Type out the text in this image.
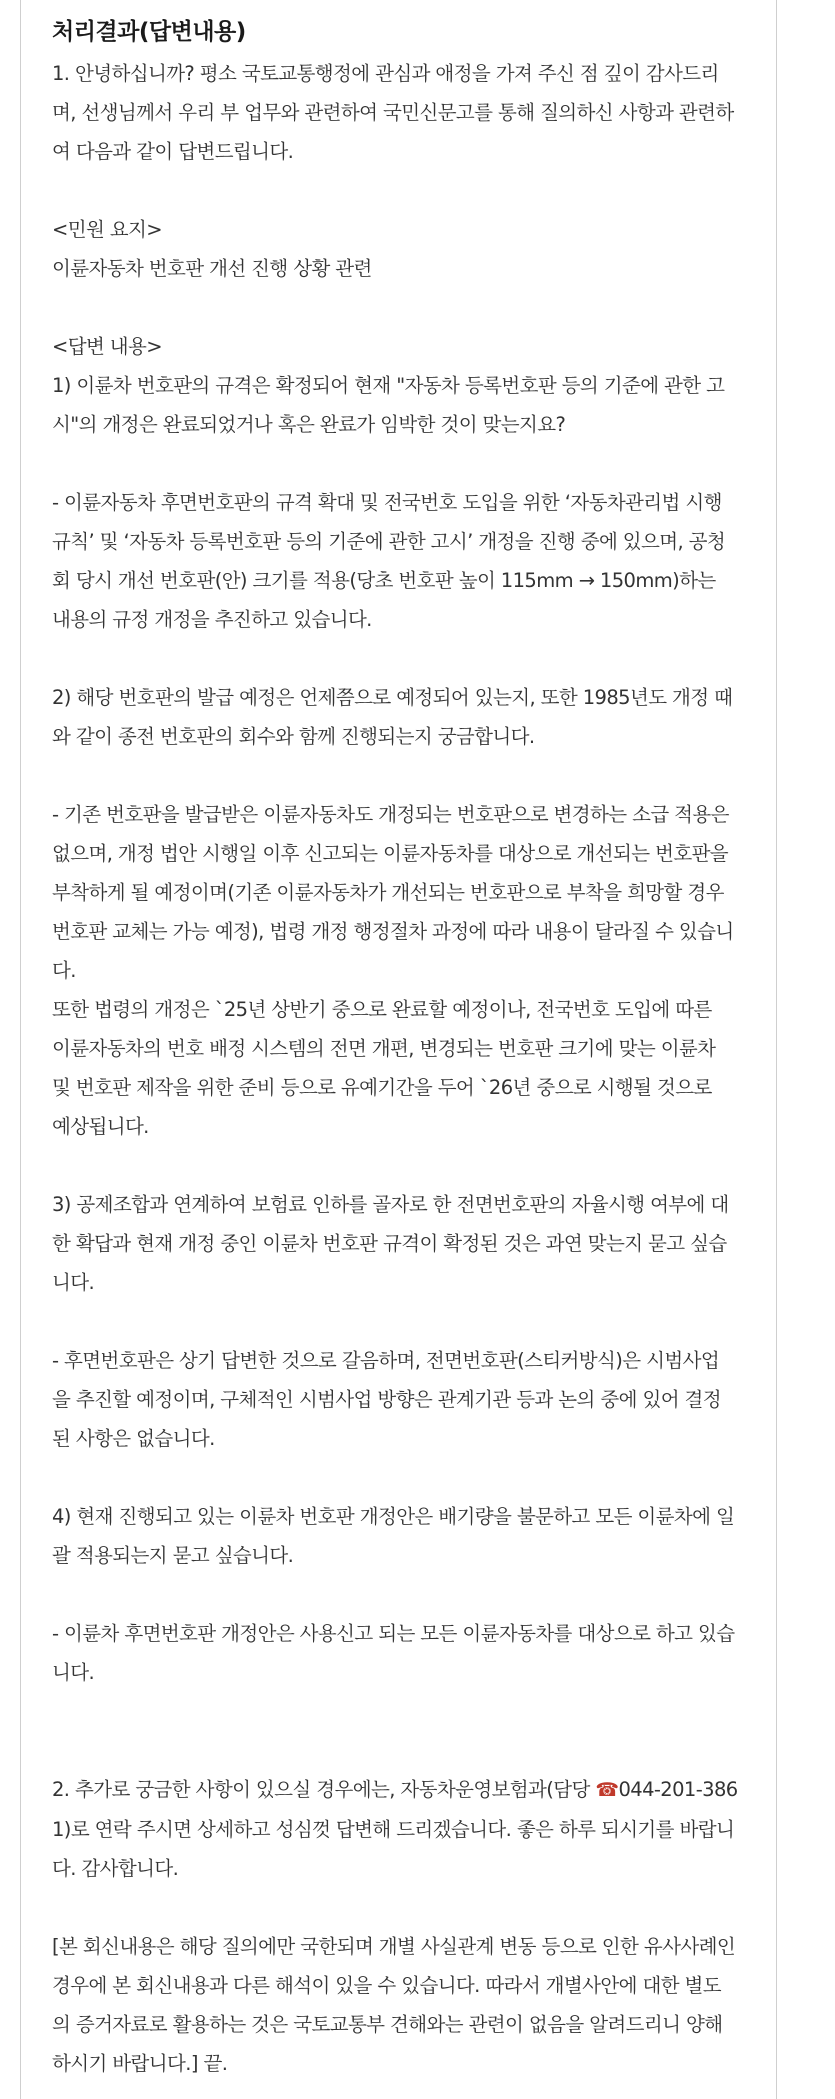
처리결과(답변내용)

1. 안녕하십니까? 평소 국토교통행정에 관심과 애정을 가져 주신 점 깊이 감사드리
며, 선생님께서 우리 부 업무와 관련하여 국민신문고를 통해 질의하신 사항과 관련하
여 다음과 같이 답변드립니다.

<민원 요지>

이륜자동차 번호판 개선 진행 상황 관련

<답변 내용>

1) 이륜차 번호판의 규격은 확정되어 현재 "자동차 등록번호판 등의 기준에 관한 고
시"의 개정은 완료되었거나 혹은 완료가 임박한 것이 맞는지요?

- 이륜자동차 후면번호판의 규격 확대 및 전국번호 도입을 위한 ‘자동차관리법 시행
규칙’ 및 ‘자동차 등록번호판 등의 기준에 관한 고시’ 개정을 진행 중에 있으며, 공청
회 당시 개선 번호판(안) 크기를 적용(당초 번호판 높이 115mm → 150mm)하는
내용의 규정 개정을 추진하고 있습니다.

2) 해당 번호판의 발급 예정은 언제쯤으로 예정되어 있는지, 또한 1985년도 개정 때
와 같이 종전 번호판의 회수와 함께 진행되는지 궁금합니다.

- 기존 번호판을 발급받은 이륜자동차도 개정되는 번호판으로 변경하는 소급 적용은
없으며, 개정 법안 시행일 이후 신고되는 이륜자동차를 대상으로 개선되는 번호판을
부착하게 될 예정이며(기존 이륜자동차가 개선되는 번호판으로 부착을 희망할 경우
번호판 교체는 가능 예정), 법령 개정 행정절차 과정에 따라 내용이 달라질 수 있습니
다.

또한 법령의 개정은 `25년 상반기 중으로 완료할 예정이나, 전국번호 도입에 따른
이륜자동차의 번호 배정 시스템의 전면 개편, 변경되는 번호판 크기에 맞는 이륜차
및 번호판 제작을 위한 준비 등으로 유예기간을 두어 `26년 중으로 시행될 것으로
예상됩니다.

3) 공제조합과 연계하여 보험료 인하를 골자로 한 전면번호판의 자율시행 여부에 대
한 확답과 현재 개정 중인 이륜차 번호판 규격이 확정된 것은 과연 맞는지 묻고 싶습
니다.

- 후면번호판은 상기 답변한 것으로 갈음하며, 전면번호판(스티커방식)은 시범사업
을 추진할 예정이며, 구체적인 시범사업 방향은 관계기관 등과 논의 중에 있어 결정
된 사항은 없습니다.

4) 현재 진행되고 있는 이륜차 번호판 개정안은 배기량을 불문하고 모든 이륜차에 일
괄 적용되는지 묻고 싶습니다.

- 이륜차 후면번호판 개정안은 사용신고 되는 모든 이륜자동차를 대상으로 하고 있습
니다.

2. 추가로 궁금한 사항이 있으실 경우에는, 자동차운영보험과(담당 ☎044-201-386
1)로 연락 주시면 상세하고 성심껏 답변해 드리겠습니다. 좋은 하루 되시기를 바랍니
다. 감사합니다.

[본 회신내용은 해당 질의에만 국한되며 개별 사실관계 변동 등으로 인한 유사사례인
경우에 본 회신내용과 다른 해석이 있을 수 있습니다. 따라서 개별사안에 대한 별도
의 증거자료로 활용하는 것은 국토교통부 견해와는 관련이 없음을 알려드리니 양해
하시기 바랍니다.] 끝.
